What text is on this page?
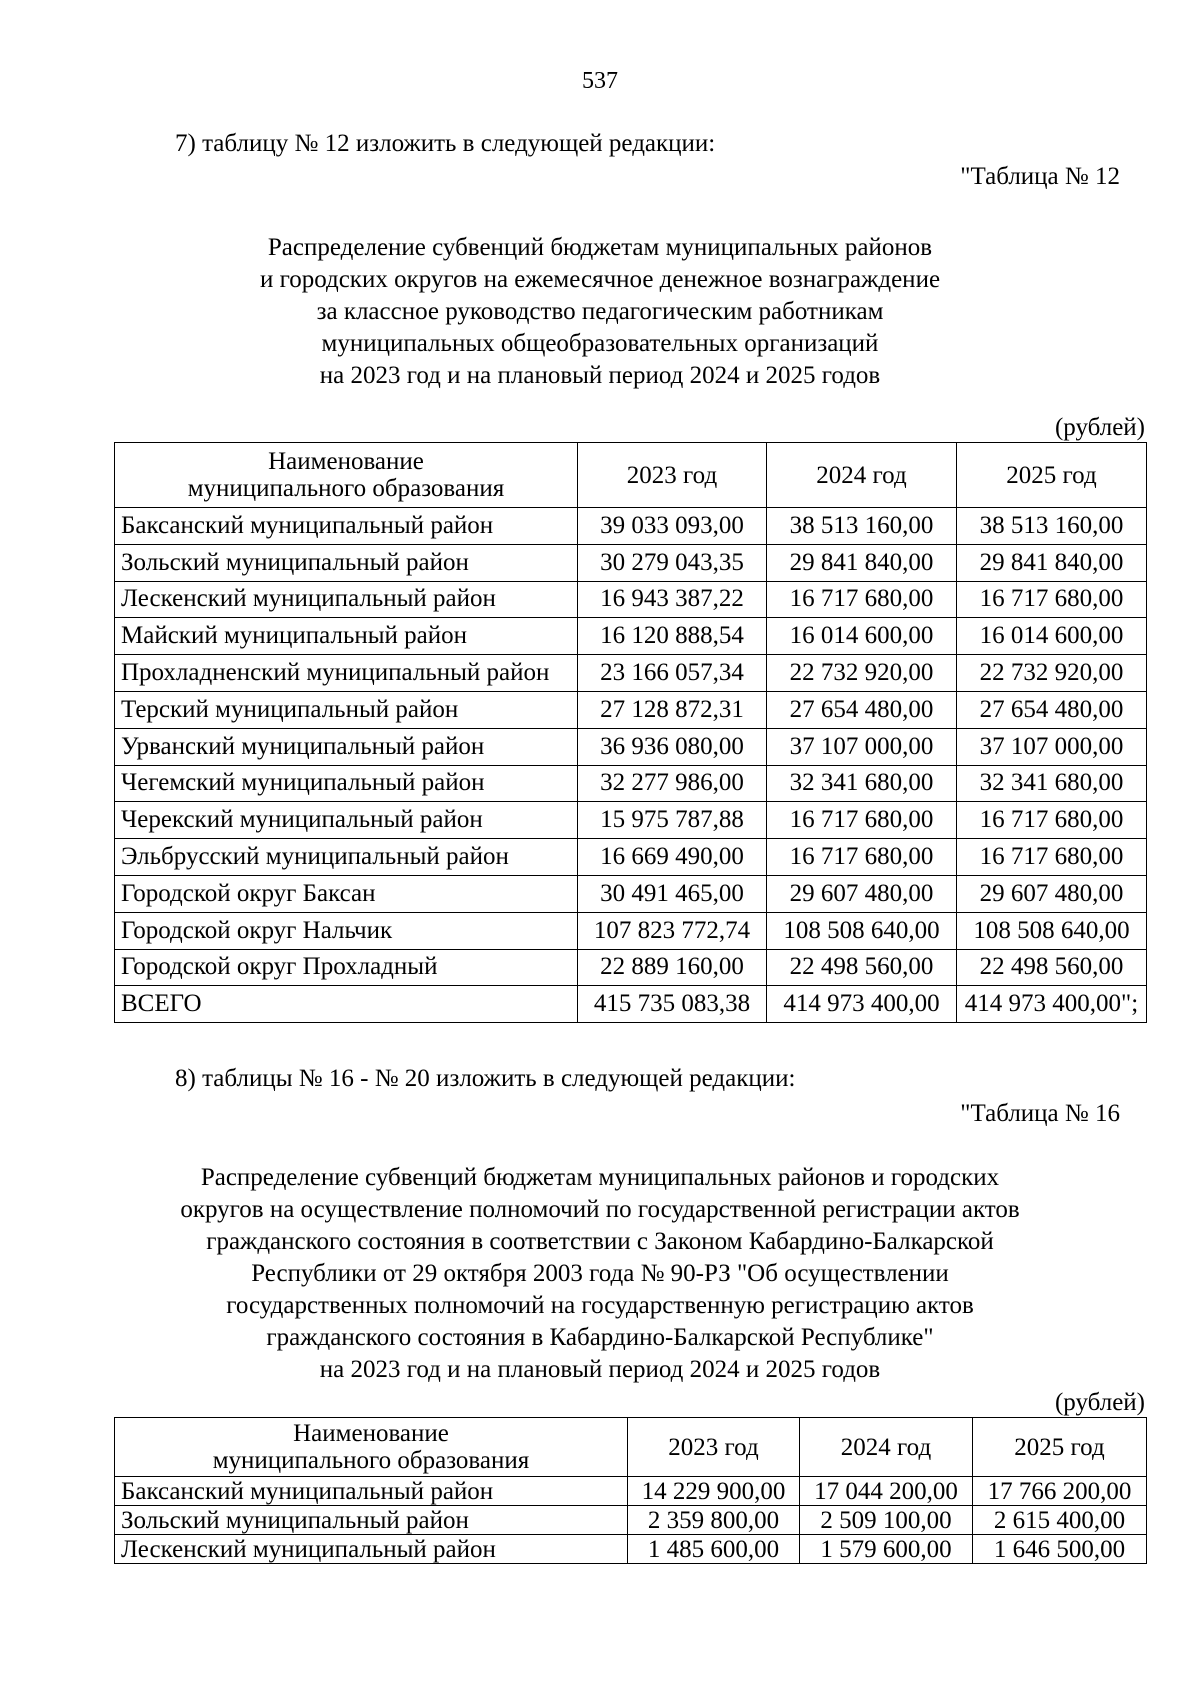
537
7) таблицу № 12 изложить в следующей редакции:
"Таблица № 12
Распределение субвенций бюджетам муниципальных районов
и городских округов на ежемесячное денежное вознаграждение
за классное руководство педагогическим работникам
муниципальных общеобразовательных организаций
на 2023 год и на плановый период 2024 и 2025 годов
(рублей)
Наименование
муниципального образования	2023 год	2024 год	2025 год
Баксанский муниципальный район	39 033 093,00	38 513 160,00	38 513 160,00
Зольский муниципальный район	30 279 043,35	29 841 840,00	29 841 840,00
Лескенский муниципальный район	16 943 387,22	16 717 680,00	16 717 680,00
Майский муниципальный район	16 120 888,54	16 014 600,00	16 014 600,00
Прохладненский муниципальный район	23 166 057,34	22 732 920,00	22 732 920,00
Терский муниципальный район	27 128 872,31	27 654 480,00	27 654 480,00
Урванский муниципальный район	36 936 080,00	37 107 000,00	37 107 000,00
Чегемский муниципальный район	32 277 986,00	32 341 680,00	32 341 680,00
Черекский муниципальный район	15 975 787,88	16 717 680,00	16 717 680,00
Эльбрусский муниципальный район	16 669 490,00	16 717 680,00	16 717 680,00
Городской округ Баксан	30 491 465,00	29 607 480,00	29 607 480,00
Городской округ Нальчик	107 823 772,74	108 508 640,00	108 508 640,00
Городской округ Прохладный	22 889 160,00	22 498 560,00	22 498 560,00
ВСЕГО	415 735 083,38	414 973 400,00	414 973 400,00";
8) таблицы № 16 - № 20 изложить в следующей редакции:
"Таблица № 16
Распределение субвенций бюджетам муниципальных районов и городских
округов на осуществление полномочий по государственной регистрации актов
гражданского состояния в соответствии с Законом Кабардино-Балкарской
Республики от 29 октября 2003 года № 90-РЗ "Об осуществлении
государственных полномочий на государственную регистрацию актов
гражданского состояния в Кабардино-Балкарской Республике"
на 2023 год и на плановый период 2024 и 2025 годов
(рублей)
Наименование
муниципального образования	2023 год	2024 год	2025 год
Баксанский муниципальный район	14 229 900,00	17 044 200,00	17 766 200,00
Зольский муниципальный район	2 359 800,00	2 509 100,00	2 615 400,00
Лескенский муниципальный район	1 485 600,00	1 579 600,00	1 646 500,00
